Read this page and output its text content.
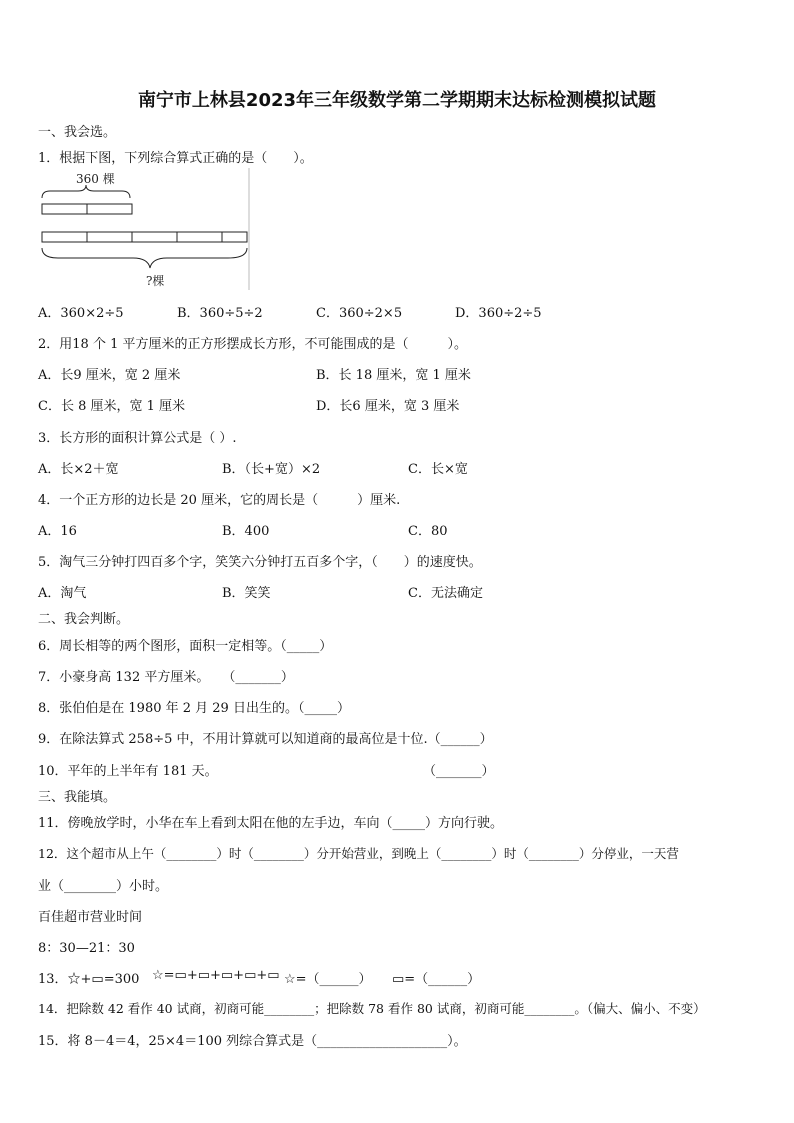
南宁市上林县2023年三年级数学第二学期期末达标检测模拟试题
一、我会选。
1．根据下图，下列综合算式正确的是（　　）。
360 棵
?棵
A．360×2÷5	B．360÷5÷2	C．360÷2×5	D．360÷2÷5
2．用18 个 1 平方厘米的正方形摆成长方形，不可能围成的是（　　　）。
A．长9 厘米，宽 2 厘米	B．长 18 厘米，宽 1 厘米
C．长 8 厘米，宽 1 厘米	D．长6 厘米，宽 3 厘米
3．长方形的面积计算公式是（ ）.
A．长×2＋宽	B．（长+宽）×2	C．长×宽
4．一个正方形的边长是 20 厘米，它的周长是（　　　）厘米.
A．16	B．400	C．80
5．淘气三分钟打四百多个字，笑笑六分钟打五百多个字，（　　）的速度快。
A．淘气	B．笑笑	C．无法确定
二、我会判断。
6．周长相等的两个图形，面积一定相等。（_____）
7．小豪身高 132 平方厘米。　　（_______）
8．张伯伯是在 1980 年 2 月 29 日出生的。（_____）
9．在除法算式 258÷5 中，不用计算就可以知道商的最高位是十位.（______）
10．平年的上半年有 181 天。	（_______）
三、我能填。
11．傍晚放学时，小华在车上看到太阳在他的左手边，车向（_____）方向行驶。
12．这个超市从上午（________）时（________）分开始营业，到晚上（________）时（________）分停业，一天营
业（________）小时。
百佳超市营业时间
8：30—21：30
13．☆+▭=300 ☆=▭+▭+▭+▭+▭ ☆=（______） ▭=（______）
14．把除数 42 看作 40 试商，初商可能________；把除数 78 看作 80 试商，初商可能________。（偏大、偏小、不变）
15．将 8－4＝4，25×4＝100 列综合算式是（____________________）。
